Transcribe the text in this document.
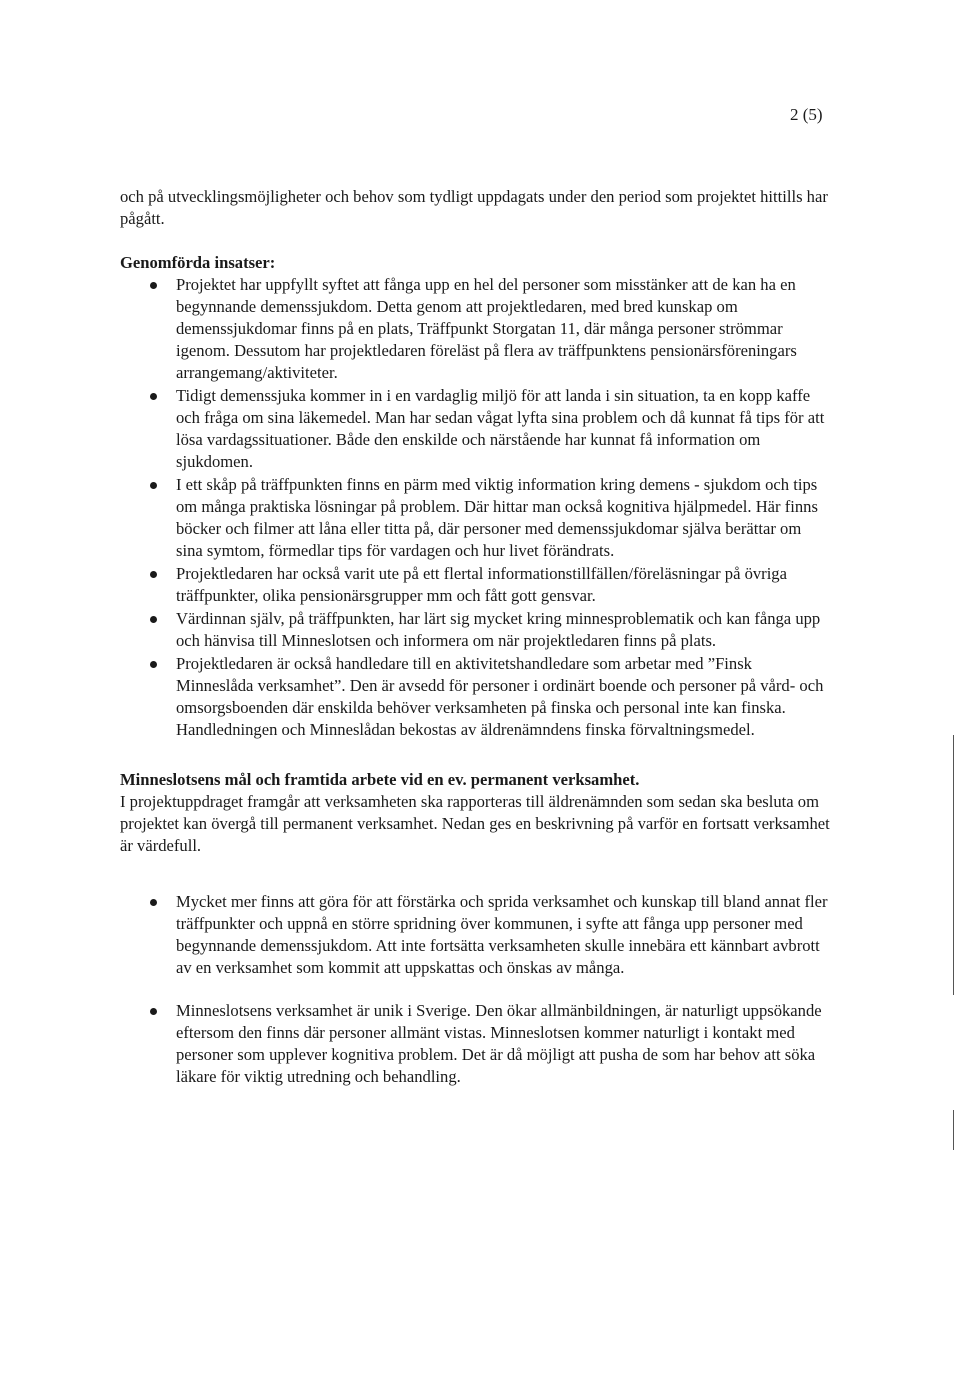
2 (5)

och på utvecklingsmöjligheter och behov som tydligt uppdagats under den period som projektet hittills har pågått.

Genomförda insatser:

Projektet har uppfyllt syftet att fånga upp en hel del personer som misstänker att de kan ha en begynnande demenssjukdom. Detta genom att projektledaren, med bred kunskap om demenssjukdomar finns på en plats, Träffpunkt Storgatan 11, där många personer strömmar igenom. Dessutom har projektledaren föreläst på flera av träffpunktens pensionärsföreningars arrangemang/aktiviteter.
Tidigt demenssjuka kommer in i en vardaglig miljö för att landa i sin situation, ta en kopp kaffe och fråga om sina läkemedel. Man har sedan vågat lyfta sina problem och då kunnat få tips för att lösa vardagssituationer. Både den enskilde och närstående har kunnat få information om sjukdomen.
I ett skåp på träffpunkten finns en pärm med viktig information kring demens - sjukdom och tips om många praktiska lösningar på problem. Där hittar man också kognitiva hjälpmedel. Här finns böcker och filmer att låna eller titta på, där personer med demenssjukdomar själva berättar om sina symtom, förmedlar tips för vardagen och hur livet förändrats.
Projektledaren har också varit ute på ett flertal informationstillfällen/föreläsningar på övriga träffpunkter, olika pensionärsgrupper mm och fått gott gensvar.
Värdinnan själv, på träffpunkten, har lärt sig mycket kring minnesproblematik och kan fånga upp och hänvisa till Minneslotsen och informera om när projektledaren finns på plats.
Projektledaren är också handledare till en aktivitetshandledare som arbetar med ”Finsk Minneslåda verksamhet”. Den är avsedd för personer i ordinärt boende och personer på vård- och omsorgsboenden där enskilda behöver verksamheten på finska och personal inte kan finska. Handledningen och Minneslådan bekostas av äldrenämndens finska förvaltningsmedel.

Minneslotsens mål och framtida arbete vid en ev. permanent verksamhet.

I projektuppdraget framgår att verksamheten ska rapporteras till äldrenämnden som sedan ska besluta om projektet kan övergå till permanent verksamhet. Nedan ges en beskrivning på varför en fortsatt verksamhet är värdefull.

Mycket mer finns att göra för att förstärka och sprida verksamhet och kunskap till bland annat fler träffpunkter och uppnå en större spridning över kommunen, i syfte att fånga upp personer med begynnande demenssjukdom. Att inte fortsätta verksamheten skulle innebära ett kännbart avbrott av en verksamhet som kommit att uppskattas och önskas av många.
Minneslotsens verksamhet är unik i Sverige. Den ökar allmänbildningen, är naturligt uppsökande eftersom den finns där personer allmänt vistas. Minneslotsen kommer naturligt i kontakt med personer som upplever kognitiva problem. Det är då möjligt att pusha de som har behov att söka läkare för viktig utredning och behandling.
